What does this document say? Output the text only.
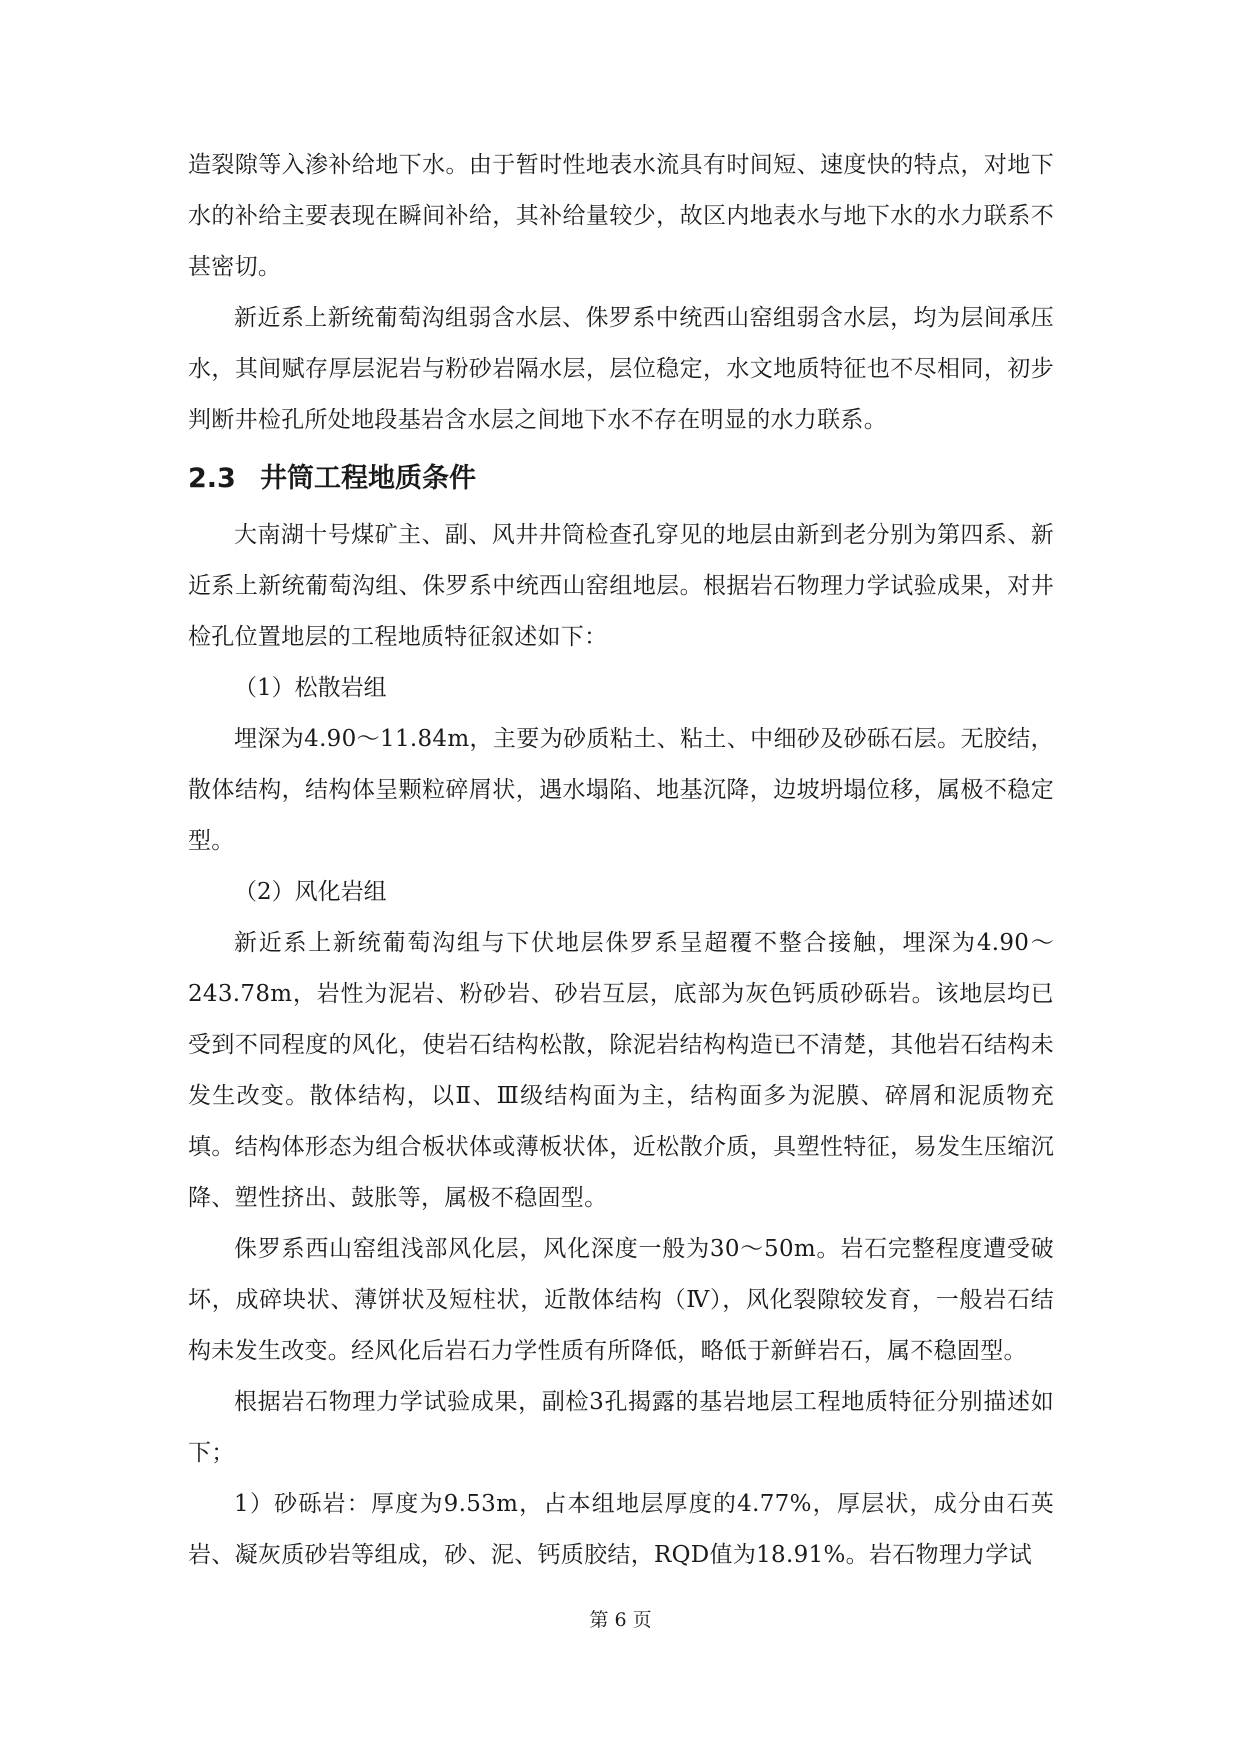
造裂隙等入渗补给地下水。由于暂时性地表水流具有时间短、速度快的特点，对地下水的补给主要表现在瞬间补给，其补给量较少，故区内地表水与地下水的水力联系不甚密切。

新近系上新统葡萄沟组弱含水层、侏罗系中统西山窑组弱含水层，均为层间承压水，其间赋存厚层泥岩与粉砂岩隔水层，层位稳定，水文地质特征也不尽相同，初步判断井检孔所处地段基岩含水层之间地下水不存在明显的水力联系。

2.3 井筒工程地质条件

大南湖十号煤矿主、副、风井井筒检查孔穿见的地层由新到老分别为第四系、新近系上新统葡萄沟组、侏罗系中统西山窑组地层。根据岩石物理力学试验成果，对井检孔位置地层的工程地质特征叙述如下：

（1）松散岩组

埋深为4.90～11.84m，主要为砂质粘土、粘土、中细砂及砂砾石层。无胶结，散体结构，结构体呈颗粒碎屑状，遇水塌陷、地基沉降，边坡坍塌位移，属极不稳定型。

（2）风化岩组

新近系上新统葡萄沟组与下伏地层侏罗系呈超覆不整合接触，埋深为4.90～243.78m，岩性为泥岩、粉砂岩、砂岩互层，底部为灰色钙质砂砾岩。该地层均已受到不同程度的风化，使岩石结构松散，除泥岩结构构造已不清楚，其他岩石结构未发生改变。散体结构，以Ⅱ、Ⅲ级结构面为主，结构面多为泥膜、碎屑和泥质物充填。结构体形态为组合板状体或薄板状体，近松散介质，具塑性特征，易发生压缩沉降、塑性挤出、鼓胀等，属极不稳固型。

侏罗系西山窑组浅部风化层，风化深度一般为30～50m。岩石完整程度遭受破坏，成碎块状、薄饼状及短柱状，近散体结构（Ⅳ），风化裂隙较发育，一般岩石结构未发生改变。经风化后岩石力学性质有所降低，略低于新鲜岩石，属不稳固型。

根据岩石物理力学试验成果，副检3孔揭露的基岩地层工程地质特征分别描述如下；

1）砂砾岩：厚度为9.53m，占本组地层厚度的4.77%，厚层状，成分由石英岩、凝灰质砂岩等组成，砂、泥、钙质胶结，RQD值为18.91%。岩石物理力学试

第 6 页
